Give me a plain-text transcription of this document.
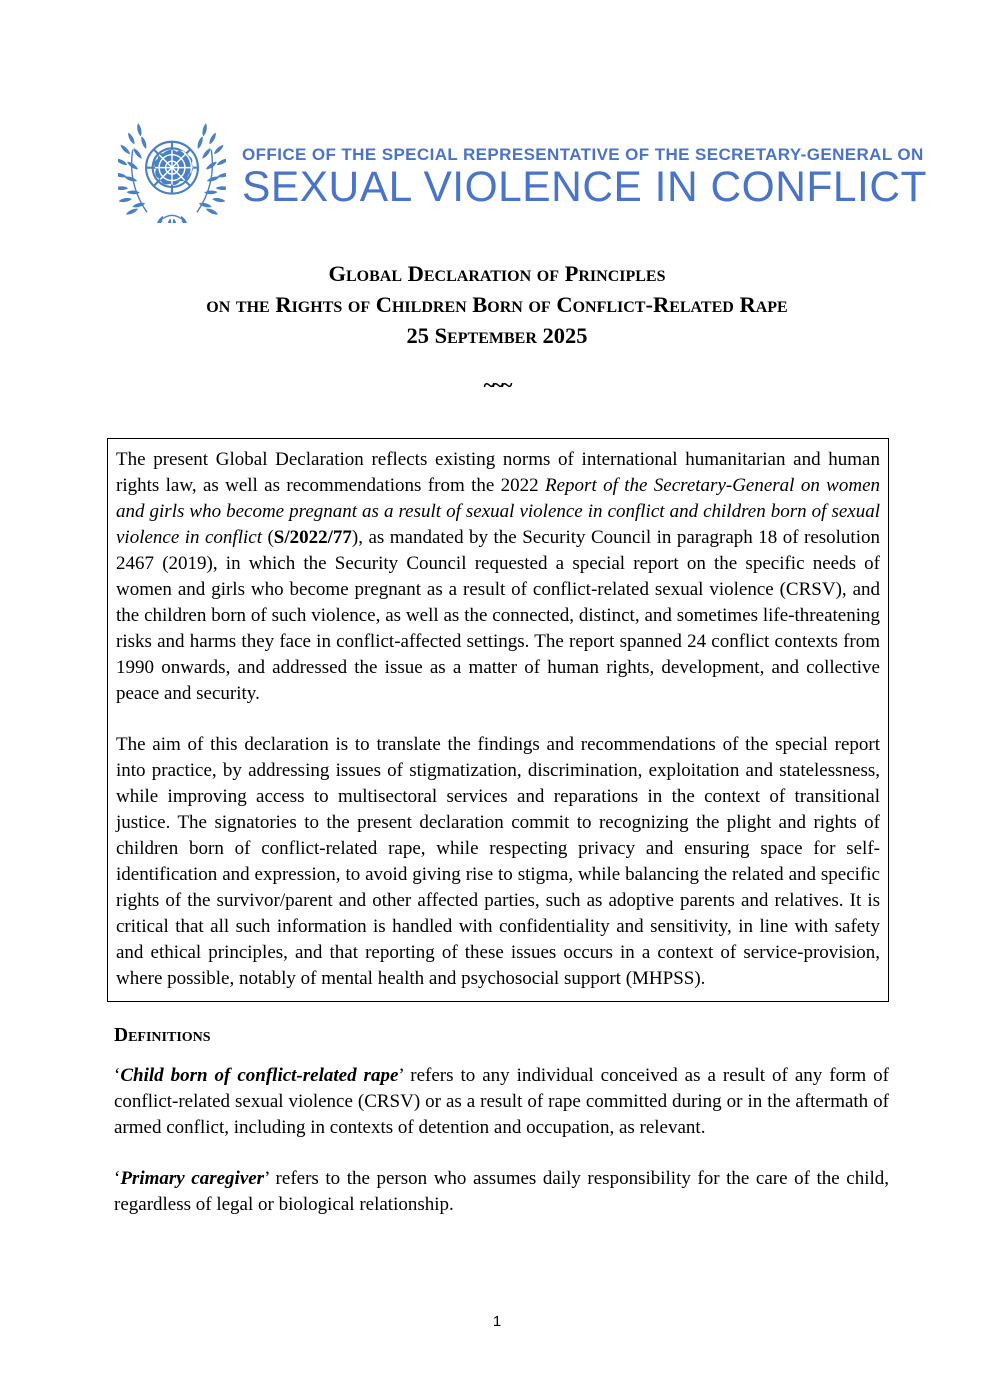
OFFICE OF THE SPECIAL REPRESENTATIVE OF THE SECRETARY-GENERAL ON
SEXUAL VIOLENCE IN CONFLICT
Global Declaration of Principles
on the Rights of Children Born of Conflict-Related Rape
25 September 2025
~~~

The present Global Declaration reflects existing norms of international humanitarian and human rights law, as well as recommendations from the 2022 Report of the Secretary-General on women and girls who become pregnant as a result of sexual violence in conflict and children born of sexual violence in conflict (S/2022/77), as mandated by the Security Council in paragraph 18 of resolution 2467 (2019), in which the Security Council requested a special report on the specific needs of women and girls who become pregnant as a result of conflict-related sexual violence (CRSV), and the children born of such violence, as well as the connected, distinct, and sometimes life-threatening risks and harms they face in conflict-affected settings. The report spanned 24 conflict contexts from 1990 onwards, and addressed the issue as a matter of human rights, development, and collective peace and security.

The aim of this declaration is to translate the findings and recommendations of the special report into practice, by addressing issues of stigmatization, discrimination, exploitation and statelessness, while improving access to multisectoral services and reparations in the context of transitional justice. The signatories to the present declaration commit to recognizing the plight and rights of children born of conflict-related rape, while respecting privacy and ensuring space for self-identification and expression, to avoid giving rise to stigma, while balancing the related and specific rights of the survivor/parent and other affected parties, such as adoptive parents and relatives. It is critical that all such information is handled with confidentiality and sensitivity, in line with safety and ethical principles, and that reporting of these issues occurs in a context of service-provision, where possible, notably of mental health and psychosocial support (MHPSS).

Definitions

‘Child born of conflict-related rape’ refers to any individual conceived as a result of any form of conflict-related sexual violence (CRSV) or as a result of rape committed during or in the aftermath of armed conflict, including in contexts of detention and occupation, as relevant.

‘Primary caregiver’ refers to the person who assumes daily responsibility for the care of the child, regardless of legal or biological relationship.

1
